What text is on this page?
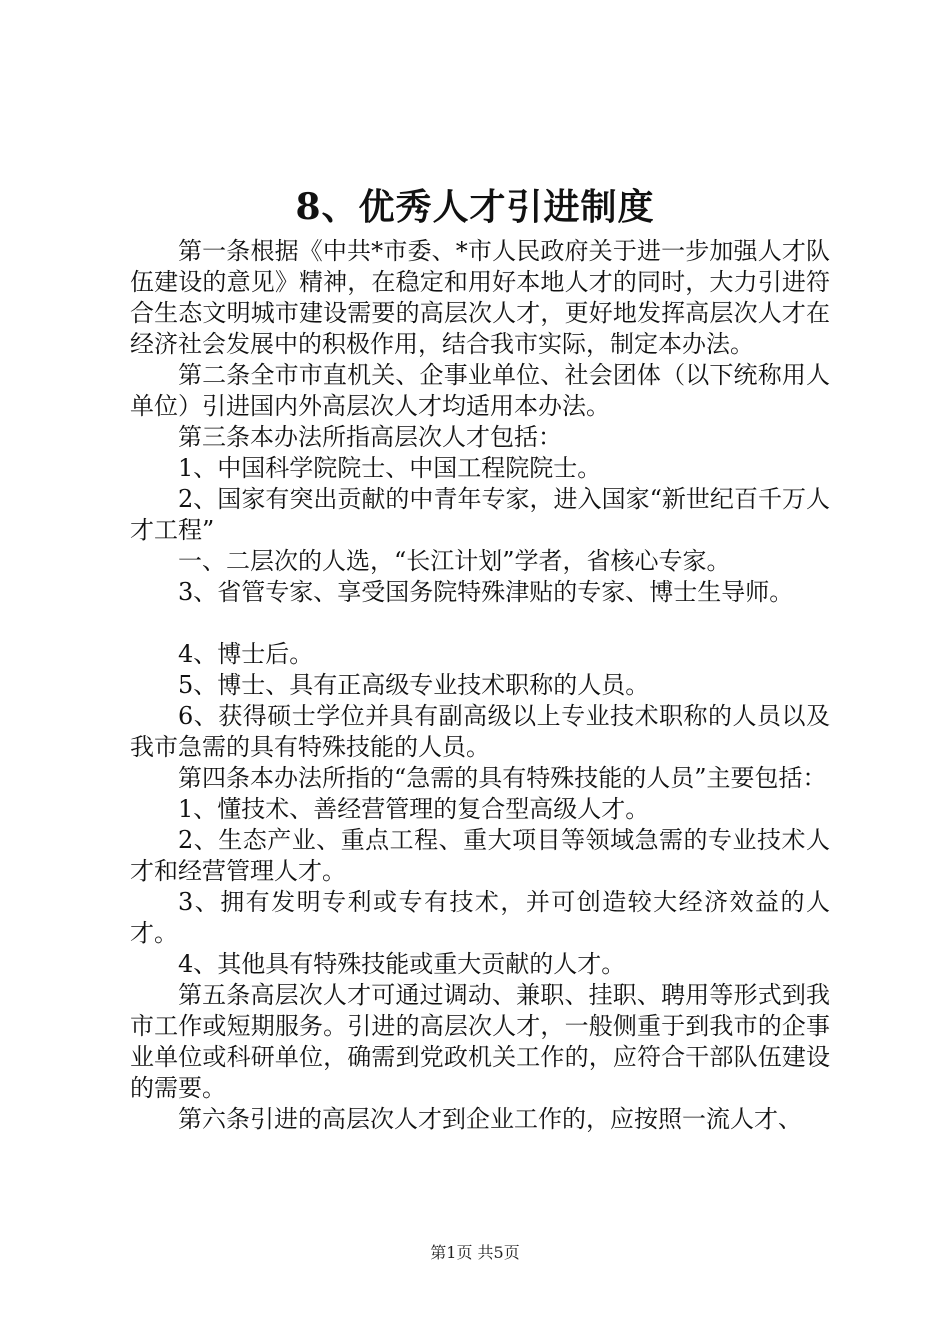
8、优秀人才引进制度

第一条根据《中共*市委、*市人民政府关于进一步加强人才队伍建设的意见》精神，在稳定和用好本地人才的同时，大力引进符合生态文明城市建设需要的高层次人才，更好地发挥高层次人才在经济社会发展中的积极作用，结合我市实际，制定本办法。

第二条全市市直机关、企事业单位、社会团体（以下统称用人单位）引进国内外高层次人才均适用本办法。

第三条本办法所指高层次人才包括：

1、中国科学院院士、中国工程院院士。

2、国家有突出贡献的中青年专家，进入国家“新世纪百千万人才工程”

一、二层次的人选，“长江计划”学者，省核心专家。

3、省管专家、享受国务院特殊津贴的专家、博士生导师。

4、博士后。

5、博士、具有正高级专业技术职称的人员。

6、获得硕士学位并具有副高级以上专业技术职称的人员以及我市急需的具有特殊技能的人员。

第四条本办法所指的“急需的具有特殊技能的人员”主要包括：

1、懂技术、善经营管理的复合型高级人才。

2、生态产业、重点工程、重大项目等领域急需的专业技术人才和经营管理人才。

3、拥有发明专利或专有技术，并可创造较大经济效益的人才。

4、其他具有特殊技能或重大贡献的人才。

第五条高层次人才可通过调动、兼职、挂职、聘用等形式到我市工作或短期服务。引进的高层次人才，一般侧重于到我市的企事业单位或科研单位，确需到党政机关工作的，应符合干部队伍建设的需要。

第六条引进的高层次人才到企业工作的，应按照一流人才、

第1页 共5页
